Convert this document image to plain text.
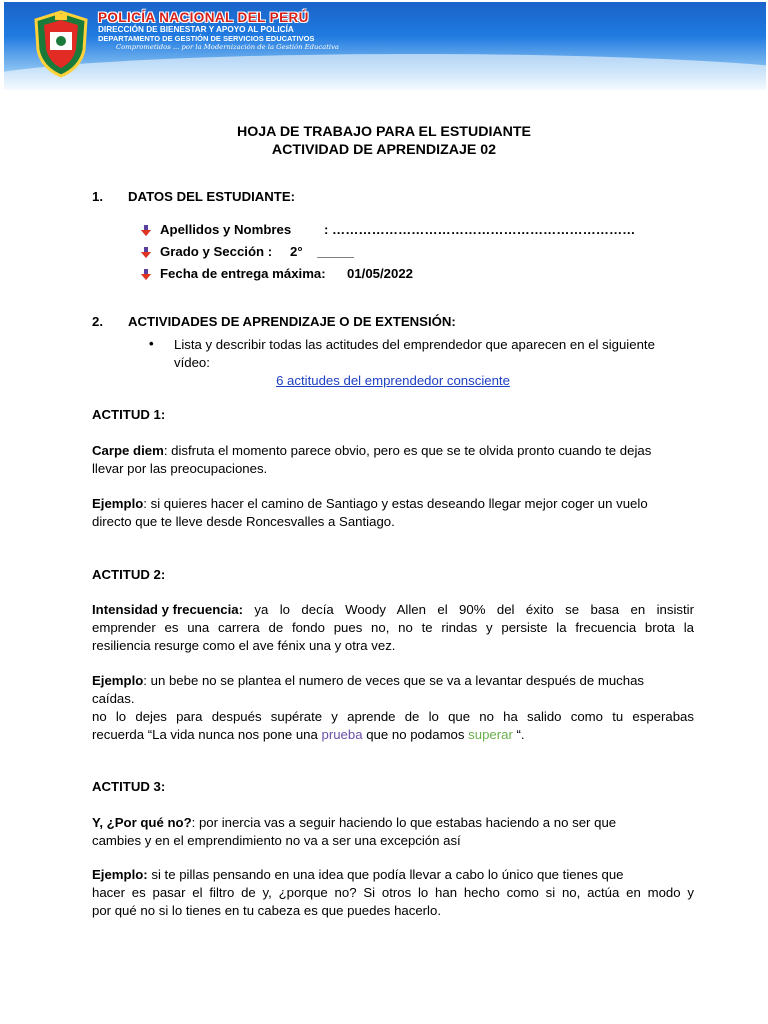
POLICÍA NACIONAL DEL PERÚ
DIRECCIÓN DE BIENESTAR Y APOYO AL POLICÍA
DEPARTAMENTO DE GESTIÓN DE SERVICIOS EDUCATIVOS
Comprometidos ... por la Modernización de la Gestión Educativa
HOJA DE TRABAJO PARA EL ESTUDIANTE
ACTIVIDAD DE APRENDIZAJE 02
1. DATOS DEL ESTUDIANTE:
Apellidos y Nombres : ……………………………………………………………
Grado y Sección : 2°    _____
Fecha de entrega máxima: 01/05/2022
2. ACTIVIDADES DE APRENDIZAJE O DE EXTENSIÓN:
• Lista y describir todas las actitudes del emprendedor que aparecen en el siguiente
vídeo:
6 actitudes del emprendedor consciente
ACTITUD 1:
Carpe diem: disfruta el momento parece obvio, pero es que se te olvida pronto cuando te dejas
llevar por las preocupaciones.
Ejemplo: si quieres hacer el camino de Santiago y estas deseando llegar mejor coger un vuelo
directo que te lleve desde Roncesvalles a Santiago.
ACTITUD 2:
Intensidad y frecuencia: ya lo decía Woody Allen el 90% del éxito se basa en insistir
emprender es una carrera de fondo pues no, no te rindas y persiste la frecuencia brota la
resiliencia resurge como el ave fénix una y otra vez.
Ejemplo: un bebe no se plantea el numero de veces que se va a levantar después de muchas
caídas.
no lo dejes para después supérate y aprende de lo que no ha salido como tu esperabas
recuerda “La vida nunca nos pone una prueba que no podamos superar “.
ACTITUD 3:
Y, ¿Por qué no?: por inercia vas a seguir haciendo lo que estabas haciendo a no ser que
cambies y en el emprendimiento no va a ser una excepción así
Ejemplo: si te pillas pensando en una idea que podía llevar a cabo lo único que tienes que
hacer es pasar el filtro de y, ¿porque no? Si otros lo han hecho como si no, actúa en modo y
por qué no si lo tienes en tu cabeza es que puedes hacerlo.
